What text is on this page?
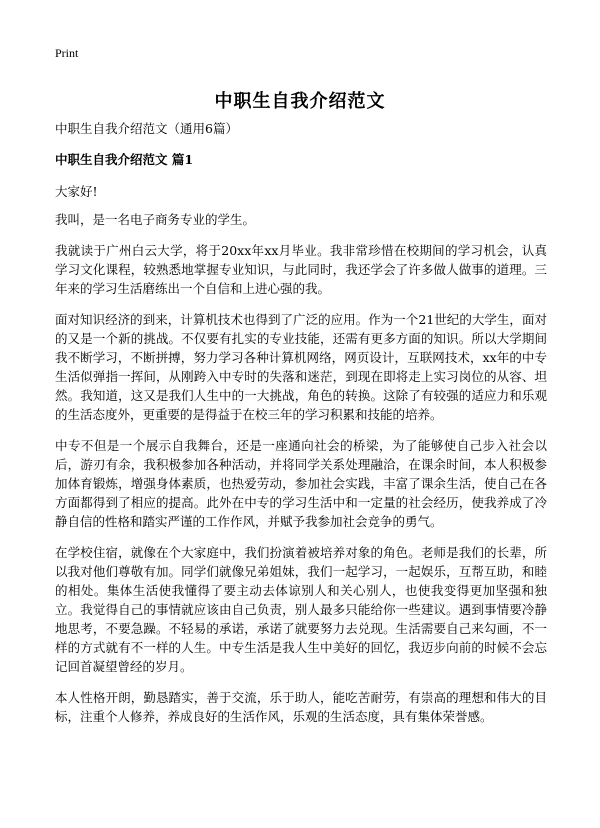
Print
中职生自我介绍范文
中职生自我介绍范文（通用6篇）
中职生自我介绍范文 篇1

大家好!

我叫，是一名电子商务专业的学生。

我就读于广州白云大学，将于20xx年xx月毕业。我非常珍惜在校期间的学习机会，认真学习文化课程，较熟悉地掌握专业知识，与此同时，我还学会了许多做人做事的道理。三年来的学习生活磨练出一个自信和上进心强的我。

面对知识经济的到来，计算机技术也得到了广泛的应用。作为一个21世纪的大学生，面对的又是一个新的挑战。不仅要有扎实的专业技能，还需有更多方面的知识。所以大学期间我不断学习，不断拼搏，努力学习各种计算机网络，网页设计，互联网技术，xx年的中专生活似弹指一挥间，从刚跨入中专时的失落和迷茫，到现在即将走上实习岗位的从容、坦然。我知道，这又是我们人生中的一大挑战，角色的转换。这除了有较强的适应力和乐观的生活态度外，更重要的是得益于在校三年的学习积累和技能的培养。

中专不但是一个展示自我舞台，还是一座通向社会的桥梁，为了能够使自己步入社会以后，游刃有余，我积极参加各种活动，并将同学关系处理融洽，在课余时间，本人积极参加体育锻炼，增强身体素质，也热爱劳动，参加社会实践，丰富了课余生活，使自己在各方面都得到了相应的提高。此外在中专的学习生活中和一定量的社会经历，使我养成了冷静自信的性格和踏实严谨的工作作风，并赋予我参加社会竞争的勇气。

在学校住宿，就像在个大家庭中，我们扮演着被培养对象的角色。老师是我们的长辈，所以我对他们尊敬有加。同学们就像兄弟姐妹，我们一起学习，一起娱乐，互帮互助，和睦的相处。集体生活使我懂得了要主动去体谅别人和关心别人，也使我变得更加坚强和独立。我觉得自己的事情就应该由自己负责，别人最多只能给你一些建议。遇到事情要冷静地思考，不要急躁。不轻易的承诺，承诺了就要努力去兑现。生活需要自己来勾画，不一样的方式就有不一样的人生。中专生活是我人生中美好的回忆，我迈步向前的时候不会忘记回首凝望曾经的岁月。

本人性格开朗，勤恳踏实，善于交流，乐于助人，能吃苦耐劳，有崇高的理想和伟大的目标，注重个人修养，养成良好的生活作风，乐观的生活态度，具有集体荣誉感。
